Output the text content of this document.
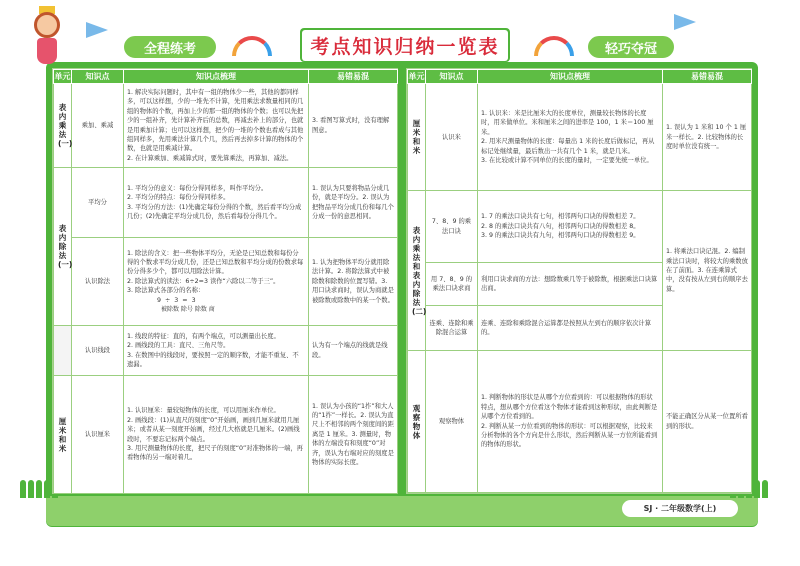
全程练考	轻巧夺冠
考点知识归纳一览表
单元	知识点	知识点梳理	易错易混
表内乘法(一)	乘加、乘减	1. 解决实际问题时，其中有一组的物体少一些，其他的都同样多，可以这样想，少的一堆先不计算，先用乘法求数量相同的几组的物体的个数，再加上少的那一组的物体的个数；也可以先把少的一组补齐，先计算补齐后的总数，再减去补上的部分，也就是用乘加计算；也可以这样想，把少的一堆的个数也看成与其他组同样多，先用乘法计算几个几，然后再去掉多计算的物体的个数，也就是用乘减计算。
2. 在计算乘加、乘减算式时，要先算乘法，再算加、减法。	3. 看图写算式时，没有理解图意。
表内除法(一)	平均分	1. 平均分的意义：每份分得同样多，叫作平均分。
2. 平均分的特点：每份分得同样多。
3. 平均分的方法：(1)先确定每份分得的个数，然后看平均分成几份；(2)先确定平均分成几份，然后看每份分得几个。	1. 误认为只要将物品分成几份，就是平均分。2. 误认为把物品平均分成几份和每几个分成一份的意思相同。
	认识除法	1. 除法的含义：把一些物体平均分，无论是已知总数和每份分得的个数求平均分成几份，还是已知总数和平均分成的份数求每份分得多少个，都可以用除法计算。
2. 除法算式的读法：6÷2=3 读作“六除以二等于三”。
3. 除法算式各部分的名称：
9 ÷ 3 = 3
被除数 除号 除数 商	1. 认为把物体平均分就用除法计算。2. 将除法算式中被除数和除数的位置写错。3. 用口诀求商时，误认为商就是被除数或除数中的某一个数。
	认识线段	1. 线段的特征：直的，有两个端点，可以测量出长度。
2. 画线段的工具：直尺、三角尺等。
3. 在数图中的线段时，要按照一定的顺序数，才能不重复、不遗漏。	认为有一个端点的线就是线段。
厘米和米	认识厘米	1. 认识厘米：量较短物体的长度，可以用厘米作单位。
2. 画线段：(1)从直尺的刻度“0”开始画，画到几厘米就用几厘米；或者从某一刻度开始画，经过几大格就是几厘米。(2)画线段时，不要忘记标两个端点。
3. 用尺测量物体的长度，把尺子的刻度“0”对准物体的一端，再看物体的另一端对着几。	1. 误认为小孩的“1拃”和大人的“1拃”一样长。2. 误认为直尺上不相邻的两个刻度间的距离是 1 厘米。3. 测量时，物体的左端没有和刻度“0”对齐，误认为右端对应的刻度是物体的实际长度。
单元	知识点	知识点梳理	易错易混
厘米和米	认识米	1. 认识米：米是比厘米大的长度单位，测量较长物体的长度时，用米做单位。米和厘米之间的进率是 100，1 米＝100 厘米。
2. 用米尺测量物体的长度：每量出 1 米的长度后做标记，再从标记处继续量，最后数出一共有几个 1 米，就是几米。
3. 在比较或计算不同单位的长度的量时，一定要先统一单位。	1. 误认为 1 米和 10 个 1 厘米一样长。2. 比较物体的长度时单位没有统一。
表内乘法和表内除法(二)	7、8、9 的乘法口诀	1. 7 的乘法口诀共有七句，相邻两句口诀的得数相差 7。
2. 8 的乘法口诀共有八句，相邻两句口诀的得数相差 8。
3. 9 的乘法口诀共有九句，相邻两句口诀的得数相差 9。	1. 将乘法口诀记混。2. 编制乘法口诀时，将较大的乘数放在了前面。3. 在连乘算式中，没有按从左到右的顺序去算。
	用 7、8、9 的乘法口诀求商	利用口诀求商的方法：想除数乘几等于被除数，根据乘法口诀算出商。	

	连乘、连除和乘除混合运算	连乘、连除和乘除混合运算都是按照从左到右的顺序依次计算的。	

观察物体	观察物体	1. 判断物体的形状是从哪个方位看到的：可以根据物体的形状特点，想从哪个方位看这个物体才能看到这种形状，由此判断是从哪个方位看到的。
2. 判断从某一方位看到的物体的形状：可以根据观察，比较来分析物体的各个方向是什么形状，然后判断从某一方位所能看到的物体的形状。	不能正确区分从某一位置所看到的形状。
SJ · 二年级数学(上)
